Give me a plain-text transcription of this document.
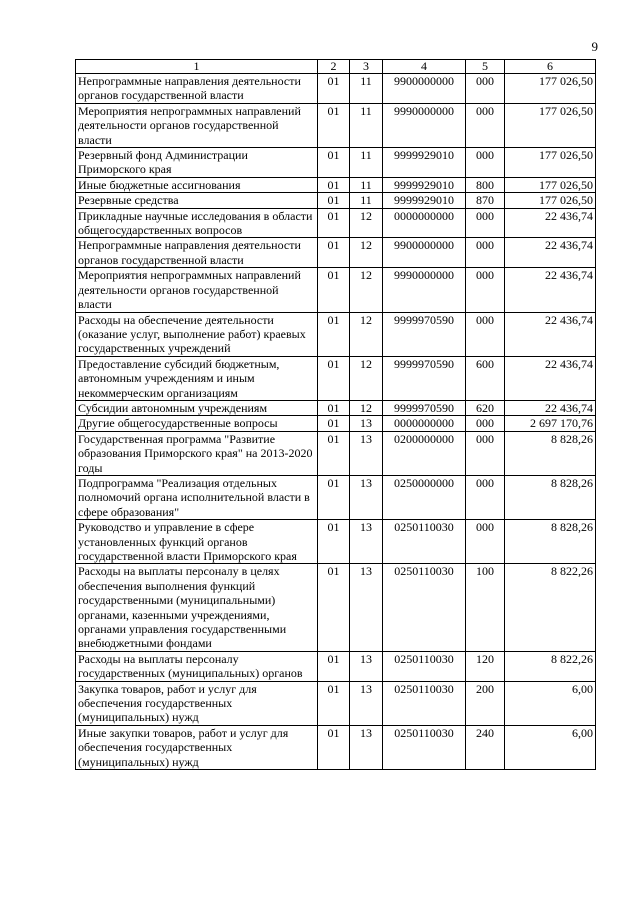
9
1	2	3	4	5	6
Непрограммные направления деятельности органов государственной власти	01	11	9900000000	000	177 026,50
Мероприятия непрограммных направлений деятельности органов государственной власти	01	11	9990000000	000	177 026,50
Резервный фонд Администрации Приморского края	01	11	9999929010	000	177 026,50
Иные бюджетные ассигнования	01	11	9999929010	800	177 026,50
Резервные средства	01	11	9999929010	870	177 026,50
Прикладные научные исследования в области общегосударственных вопросов	01	12	0000000000	000	22 436,74
Непрограммные направления деятельности органов государственной власти	01	12	9900000000	000	22 436,74
Мероприятия непрограммных направлений деятельности органов государственной власти	01	12	9990000000	000	22 436,74
Расходы на обеспечение деятельности (оказание услуг, выполнение работ) краевых государственных учреждений	01	12	9999970590	000	22 436,74
Предоставление субсидий бюджетным, автономным учреждениям и иным некоммерческим организациям	01	12	9999970590	600	22 436,74
Субсидии автономным учреждениям	01	12	9999970590	620	22 436,74
Другие общегосударственные вопросы	01	13	0000000000	000	2 697 170,76
Государственная программа "Развитие образования Приморского края" на 2013-2020 годы	01	13	0200000000	000	8 828,26
Подпрограмма "Реализация отдельных полномочий органа исполнительной власти в сфере образования"	01	13	0250000000	000	8 828,26
Руководство и управление в сфере установленных функций органов государственной власти Приморского края	01	13	0250110030	000	8 828,26
Расходы на выплаты персоналу в целях обеспечения выполнения функций государственными (муниципальными) органами, казенными учреждениями, органами управления государственными внебюджетными фондами	01	13	0250110030	100	8 822,26
Расходы на выплаты персоналу государственных (муниципальных) органов	01	13	0250110030	120	8 822,26
Закупка товаров, работ и услуг для обеспечения государственных (муниципальных) нужд	01	13	0250110030	200	6,00
Иные закупки товаров, работ и услуг для обеспечения государственных (муниципальных) нужд	01	13	0250110030	240	6,00
